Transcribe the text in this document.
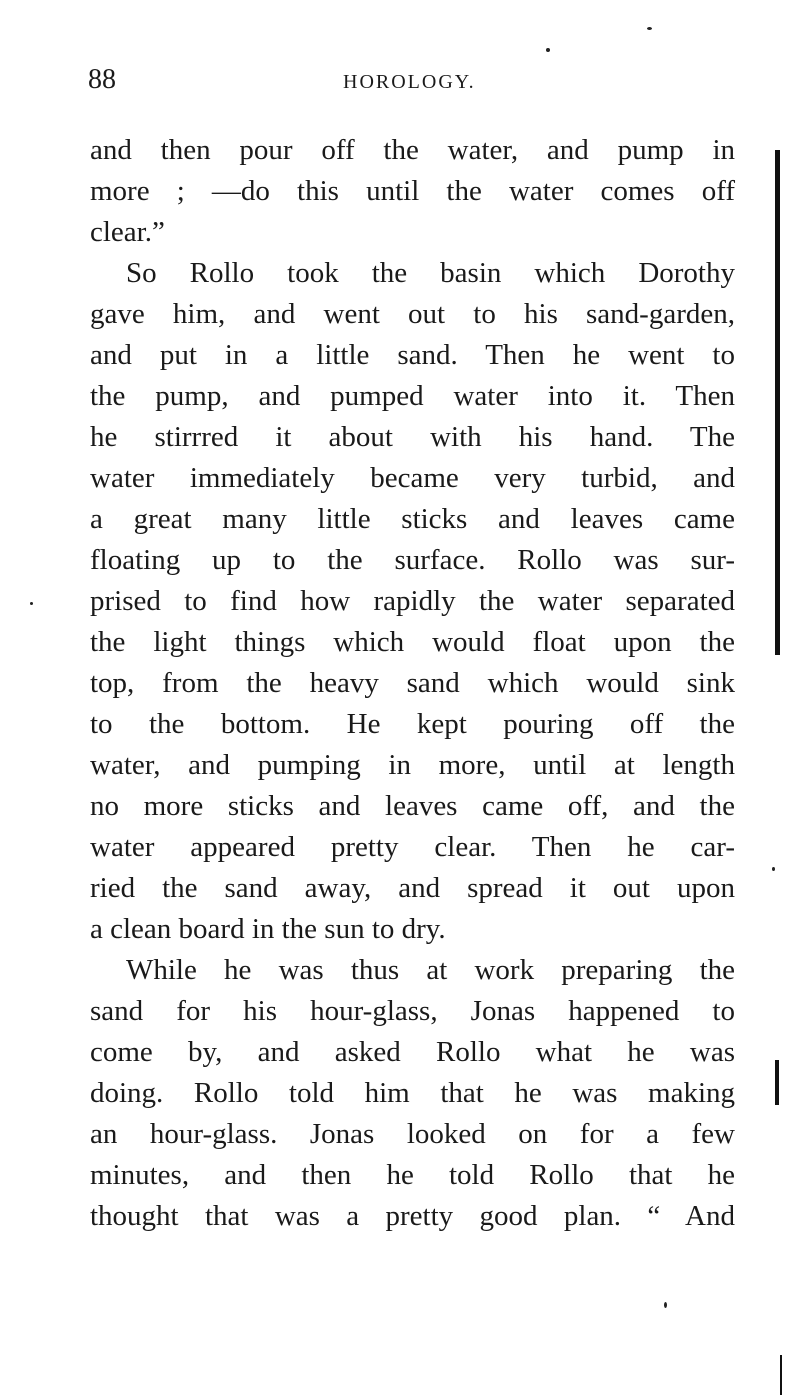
88	HOROLOGY.
and then pour off the water, and pump in
more ; —do this until the water comes off
clear.”
So Rollo took the basin which Dorothy
gave him, and went out to his sand-garden,
and put in a little sand. Then he went to
the pump, and pumped water into it. Then
he stirrred it about with his hand. The
water immediately became very turbid, and
a great many little sticks and leaves came
floating up to the surface. Rollo was sur-
prised to find how rapidly the water separated
the light things which would float upon the
top, from the heavy sand which would sink
to the bottom. He kept pouring off the
water, and pumping in more, until at length
no more sticks and leaves came off, and the
water appeared pretty clear. Then he car-
ried the sand away, and spread it out upon
a clean board in the sun to dry.
While he was thus at work preparing the
sand for his hour-glass, Jonas happened to
come by, and asked Rollo what he was
doing. Rollo told him that he was making
an hour-glass. Jonas looked on for a few
minutes, and then he told Rollo that he
thought that was a pretty good plan. “ And
